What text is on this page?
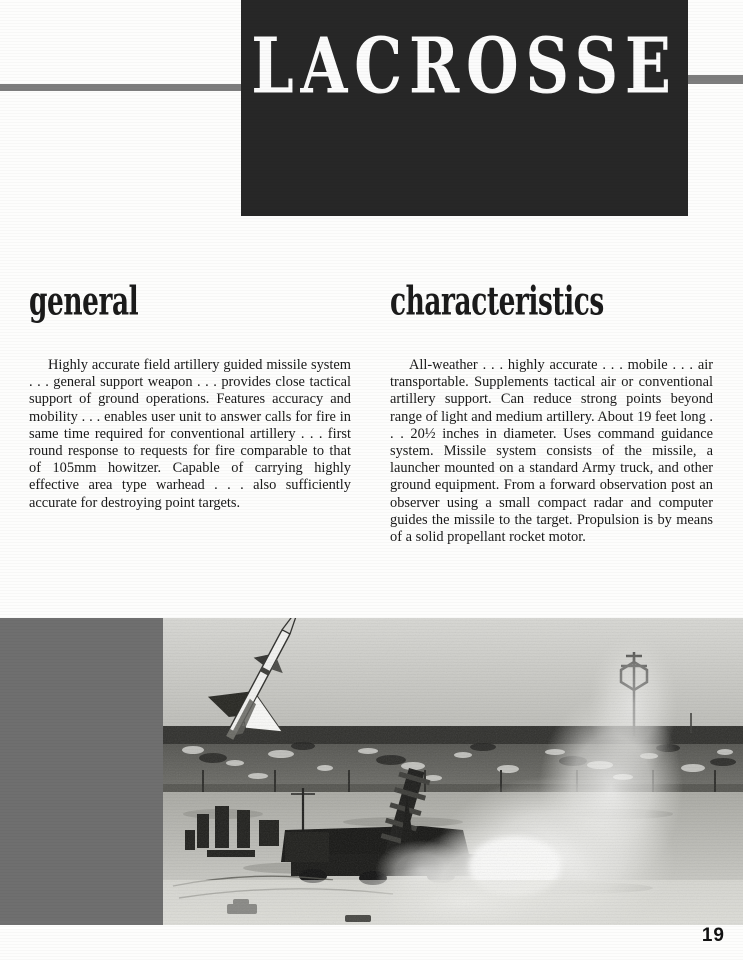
LACROSSE
general	characteristics

Highly accurate field artillery guided missile system . . . general support weapon . . . provides close tactical support of ground operations. Features accuracy and mobility . . . enables user unit to answer calls for fire in same time required for conventional artillery . . . first round response to requests for fire comparable to that of 105mm howitzer. Capable of carrying highly effective area type warhead . . . also sufficiently accurate for destroying point targets.

All-weather . . . highly accurate . . . mobile . . . air transportable. Supplements tactical air or conventional artillery support. Can reduce strong points beyond range of light and medium artillery. About 19 feet long . . . 20½ inches in diameter. Uses command guidance system. Missile system consists of the missile, a launcher mounted on a standard Army truck, and other ground equipment. From a forward observation post an observer using a small compact radar and computer guides the missile to the target. Propulsion is by means of a solid propellant rocket motor.

19
